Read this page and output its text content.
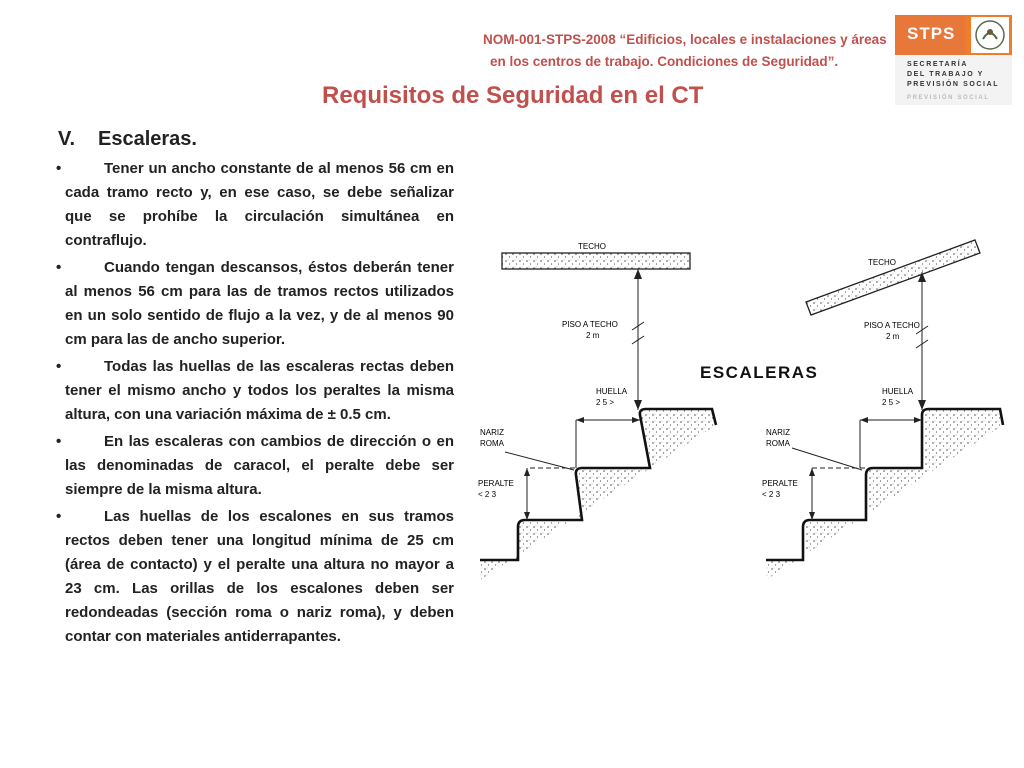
NOM-001-STPS-2008 “Edificios, locales e instalaciones y áreas
en los centros de trabajo. Condiciones de Seguridad”.
Requisitos de Seguridad en el CT
STPS
SECRETARÍA
DEL TRABAJO Y
PREVISIÓN SOCIAL
PREVISIÓN SOCIAL
V.	Escaleras.
•	Tener un ancho constante de al menos 56 cm en cada tramo recto y, en ese caso, se debe señalizar que se prohíbe la circulación simultánea en contraflujo.
•	Cuando tengan descansos, éstos deberán tener al menos 56 cm para las de tramos rectos utilizados en un solo sentido de flujo a la vez, y de al menos 90 cm para las de ancho superior.
•	Todas las huellas de las escaleras rectas deben tener el mismo ancho y todos los peraltes la misma altura, con una variación máxima de ± 0.5 cm.
•	En las escaleras con cambios de dirección o en las denominadas de caracol, el peralte debe ser siempre de la misma altura.
•	Las huellas de los escalones en sus tramos rectos deben tener una longitud mínima de 25 cm (área de contacto) y el peralte una altura no mayor a 23 cm. Las orillas de los escalones deben ser redondeadas (sección roma o nariz roma), y deben contar con materiales antiderrapantes.
TECHO
PISO A TECHO
2 m
HUELLA
2 5 >
NARIZ
ROMA
PERALTE
< 2 3
ESCALERAS
TECHO
PISO A TECHO
2 m
HUELLA
2 5 >
NARIZ
ROMA
PERALTE
< 2 3
